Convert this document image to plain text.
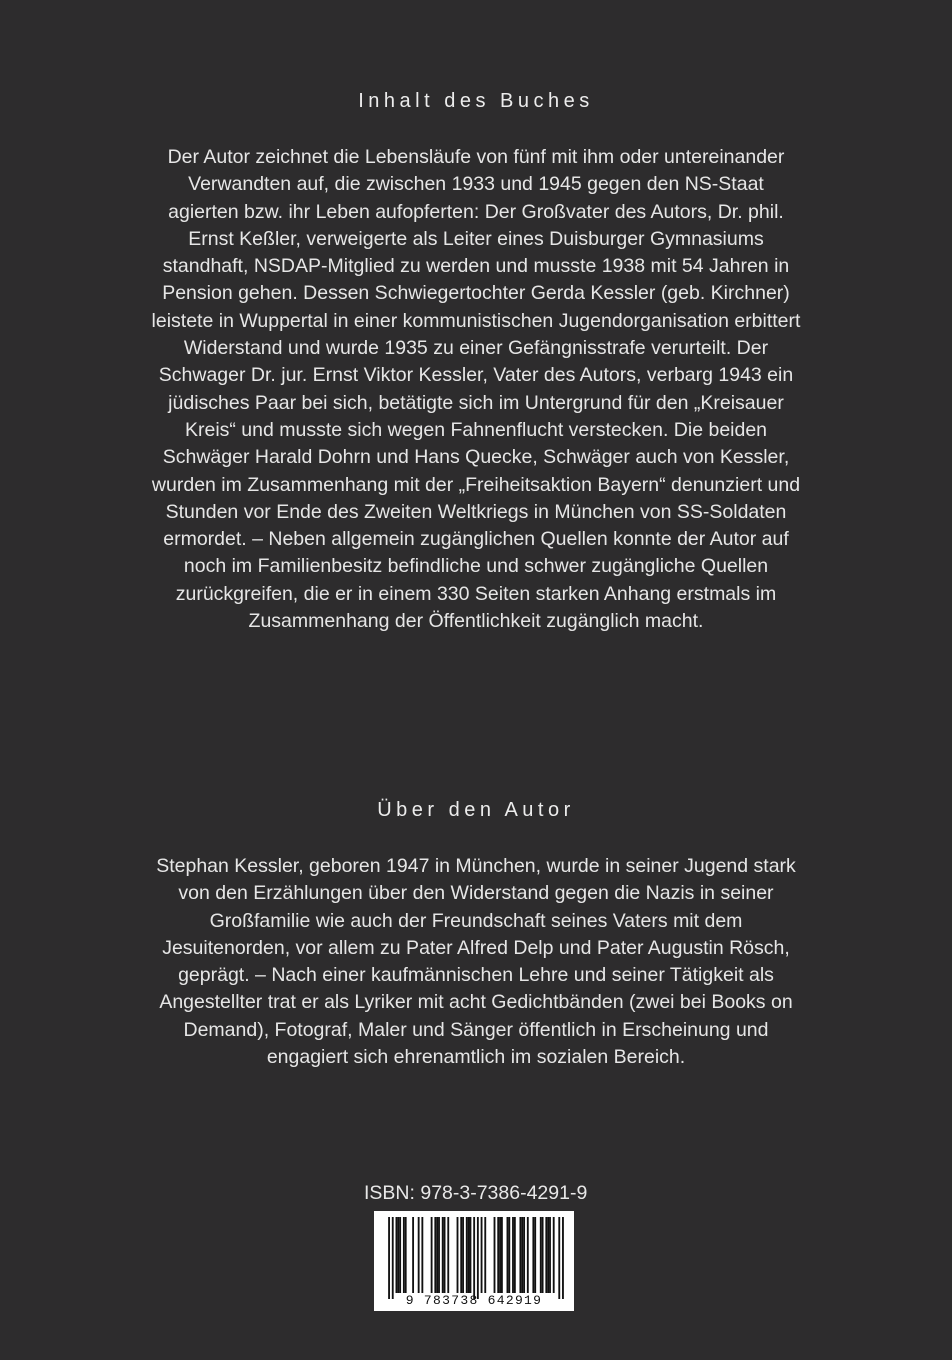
Inhalt des Buches
Der Autor zeichnet die Lebensläufe von fünf mit ihm oder untereinander
Verwandten auf, die zwischen 1933 und 1945 gegen den NS-Staat
agierten bzw. ihr Leben aufopferten: Der Großvater des Autors, Dr. phil.
Ernst Keßler, verweigerte als Leiter eines Duisburger Gymnasiums
standhaft, NSDAP-Mitglied zu werden und musste 1938 mit 54 Jahren in
Pension gehen. Dessen Schwiegertochter Gerda Kessler (geb. Kirchner)
leistete in Wuppertal in einer kommunistischen Jugendorganisation erbittert
Widerstand und wurde 1935 zu einer Gefängnisstrafe verurteilt. Der
Schwager Dr. jur. Ernst Viktor Kessler, Vater des Autors, verbarg 1943 ein
jüdisches Paar bei sich, betätigte sich im Untergrund für den „Kreisauer
Kreis“ und musste sich wegen Fahnenflucht verstecken. Die beiden
Schwäger Harald Dohrn und Hans Quecke, Schwäger auch von Kessler,
wurden im Zusammenhang mit der „Freiheitsaktion Bayern“ denunziert und
Stunden vor Ende des Zweiten Weltkriegs in München von SS-Soldaten
ermordet. – Neben allgemein zugänglichen Quellen konnte der Autor auf
noch im Familienbesitz befindliche und schwer zugängliche Quellen
zurückgreifen, die er in einem 330 Seiten starken Anhang erstmals im
Zusammenhang der Öffentlichkeit zugänglich macht.
Über den Autor
Stephan Kessler, geboren 1947 in München, wurde in seiner Jugend stark
von den Erzählungen über den Widerstand gegen die Nazis in seiner
Großfamilie wie auch der Freundschaft seines Vaters mit dem
Jesuitenorden, vor allem zu Pater Alfred Delp und Pater Augustin Rösch,
geprägt. – Nach einer kaufmännischen Lehre und seiner Tätigkeit als
Angestellter trat er als Lyriker mit acht Gedichtbänden (zwei bei Books on
Demand), Fotograf, Maler und Sänger öffentlich in Erscheinung und
engagiert sich ehrenamtlich im sozialen Bereich.
ISBN: 978-3-7386-4291-9
9 783738 642919
